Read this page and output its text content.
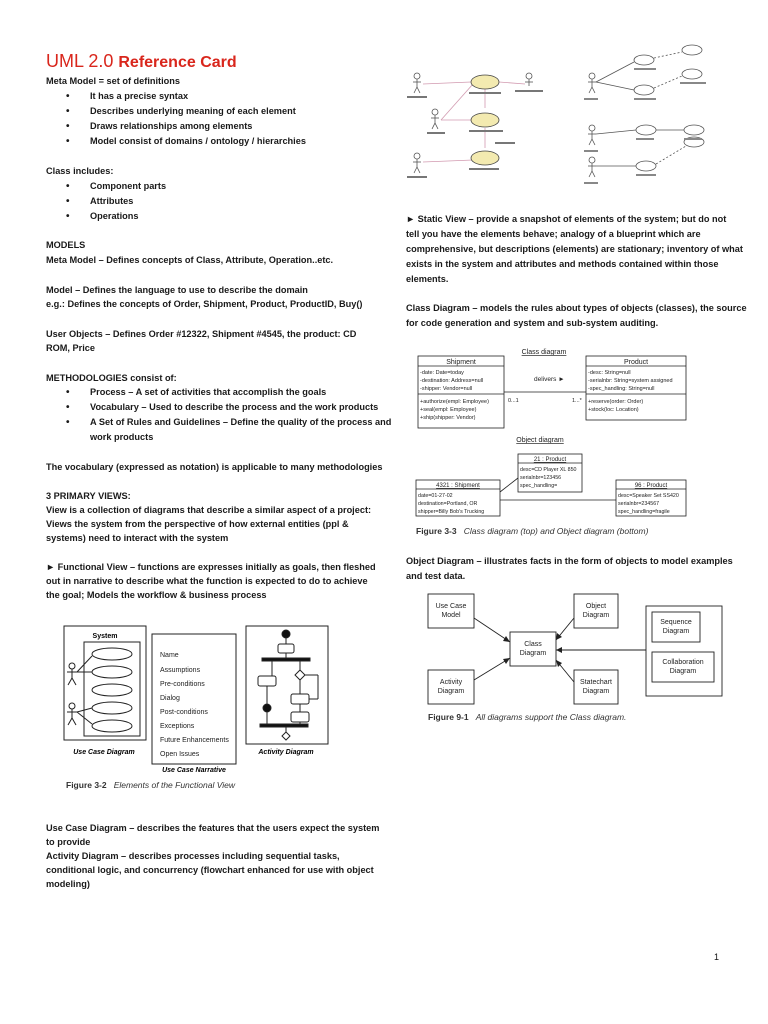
UML 2.0 Reference Card
Meta Model = set of definitions
• It has a precise syntax
• Describes underlying meaning of each element
• Draws relationships among elements
• Model consist of domains / ontology / hierarchies
Class includes:
• Component parts
• Attributes
• Operations
MODELS
Meta Model – Defines concepts of Class, Attribute, Operation..etc.
Model – Defines the language to use to describe the domain
e.g.: Defines the concepts of Order, Shipment, Product, ProductID, Buy()
User Objects – Defines Order #12322, Shipment #4545, the product: CD
ROM, Price
METHODOLOGIES consist of:
• Process – A set of activities that accomplish the goals
• Vocabulary – Used to describe the process and the work products
• A Set of Rules and Guidelines – Define the quality of the process and
work products
The vocabulary (expressed as notation) is applicable to many methodologies
3 PRIMARY VIEWS:
View is a collection of diagrams that describe a similar aspect of a project:
Views the system from the perspective of how external entities (ppl &
systems) need to interact with the system
► Functional View – functions are expresses initially as goals, then fleshed
out in narrative to describe what the function is expected to do to achieve
the goal; Models the workflow & business process
System
Use Case Diagram
Name
Assumptions
Pre-conditions
Dialog
Post-conditions
Exceptions
Future Enhancements
Open Issues
Use Case Narrative
Activity Diagram
Figure 3-2 Elements of the Functional View
Use Case Diagram – describes the features that the users expect the system
to provide
Activity Diagram – describes processes including sequential tasks,
conditional logic, and concurrency (flowchart enhanced for use with object
modeling)
► Static View – provide a snapshot of elements of the system; but do not
tell you have the elements behave; analogy of a blueprint which are
comprehensive, but descriptions (elements) are stationary; inventory of what
exists in the system and attributes and methods contained within those
elements.
Class Diagram – models the rules about types of objects (classes), the source
for code generation and system and sub-system auditing.
Class diagram
Shipment
-date: Date=today
-destination: Address=null
-shipper: Vendor=null
+authorize(empl: Employee)
+seal(empl: Employee)
+ship(shipper: Vendor)
delivers ►
0...1	1...*
Product
-desc: String=null
-serialnbr: String=system assigned
-spec_handling: String=null
+reserve(order: Order)
+stock(loc: Location)
Object diagram
21 : Product
desc=CD Player XL 850
serialnbr=123456
spec_handling=
4321 : Shipment
date=01-27-02
destination=Portland, OR
shipper=Billy Bob's Trucking
96 : Product
desc=Speaker Set SS420
serialnbr=234567
spec_handling=fragile
Figure 3-3 Class diagram (top) and Object diagram (bottom)
Object Diagram – illustrates facts in the form of objects to model examples
and test data.
Use Case
Model
Object
Diagram
Class
Diagram
Activity
Diagram
Statechart
Diagram
Sequence
Diagram
Collaboration
Diagram
Figure 9-1 All diagrams support the Class diagram.
1
